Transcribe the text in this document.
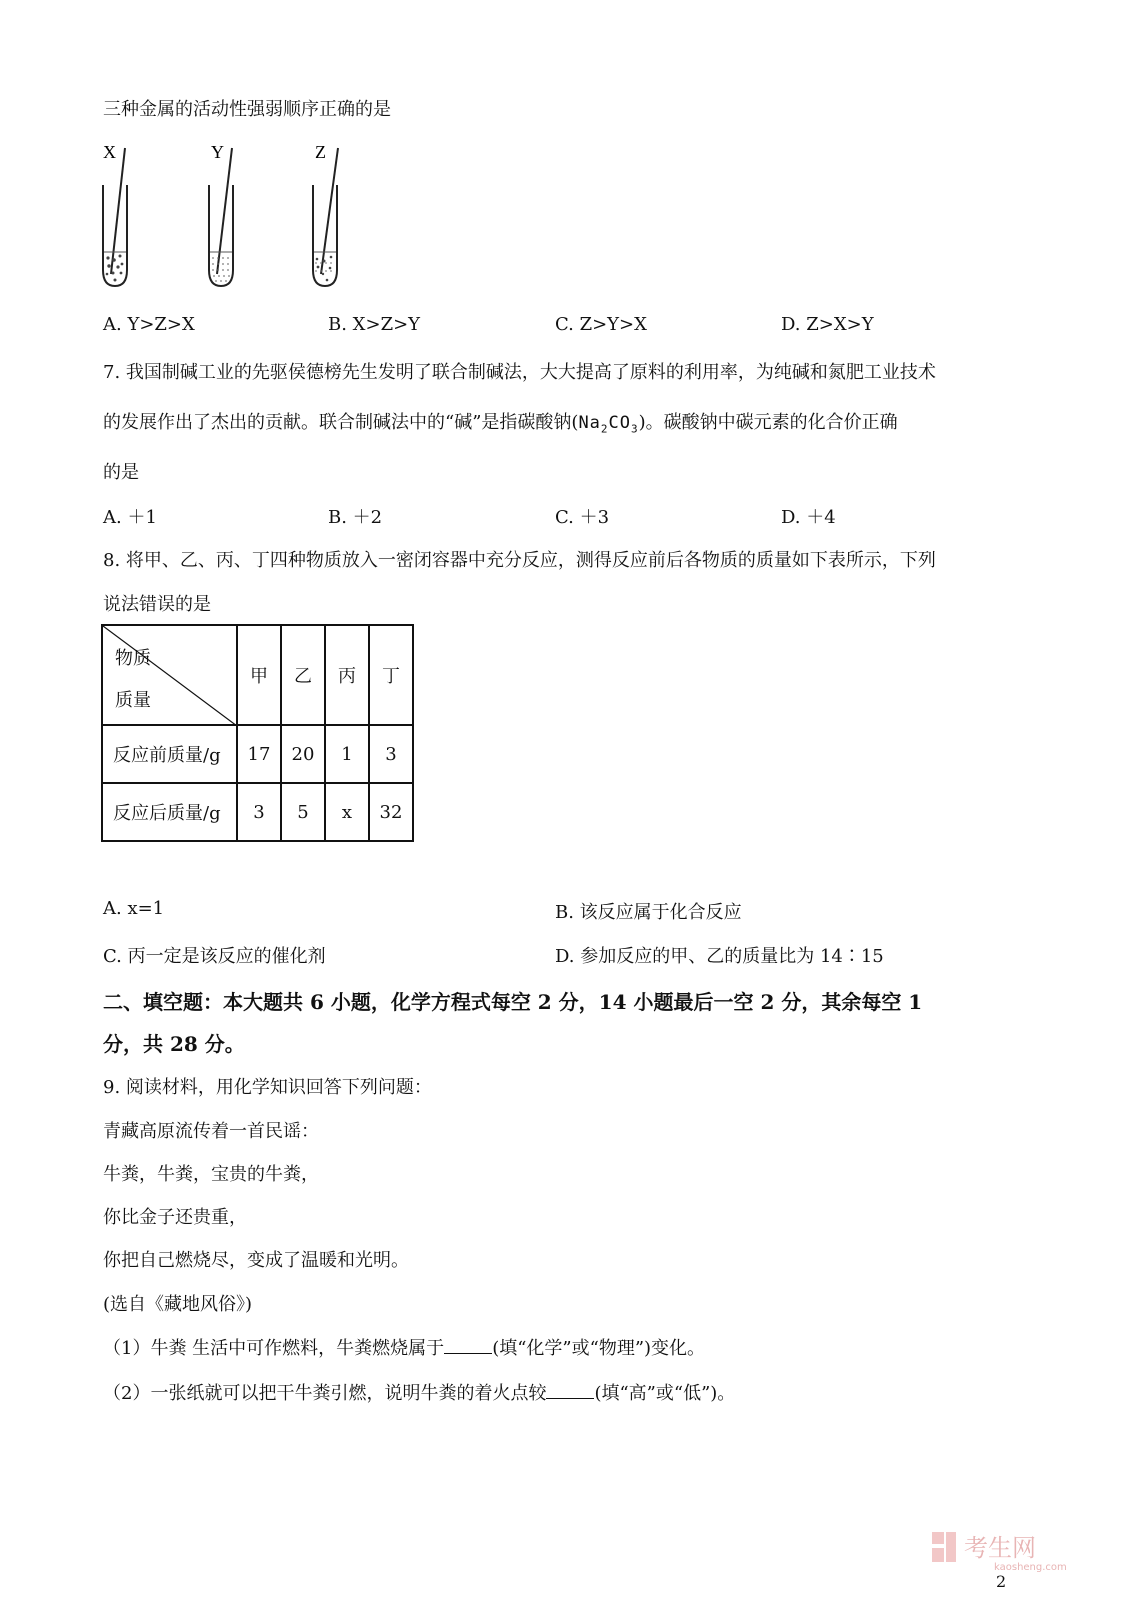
三种金属的活动性强弱顺序正确的是
X	Y	Z
A. Y>Z>X	B. X>Z>Y	C. Z>Y>X	D. Z>X>Y
7. 我国制碱工业的先驱侯德榜先生发明了联合制碱法，大大提高了原料的利用率，为纯碱和氮肥工业技术
的发展作出了杰出的贡献。联合制碱法中的“碱”是指碳酸钠$(Na_2CO_3)$。碳酸钠中碳元素的化合价正确
的是
A. ＋1	B. ＋2	C. ＋3	D. ＋4
8. 将甲、乙、丙、丁四种物质放入一密闭容器中充分反应，测得反应前后各物质的质量如下表所示，下列
说法错误的是
物质
质量	甲	乙	丙	丁
反应前质量/g	17	20	1	3
反应后质量/g	3	5	x	32
A. x=1	B. 该反应属于化合反应
C. 丙一定是该反应的催化剂	D. 参加反应的甲、乙的质量比为 14∶15
二、填空题：本大题共 6 小题，化学方程式每空 2 分，14 小题最后一空 2 分，其余每空 1
分，共 28 分。
9. 阅读材料，用化学知识回答下列问题：
青藏高原流传着一首民谣：
牛粪，牛粪，宝贵的牛粪，
你比金子还贵重，
你把自己燃烧尽，变成了温暖和光明。
(选自《藏地风俗》)
（1）牛粪 生活中可作燃料，牛粪燃烧属于	(填“化学”或“物理”)变化。
（2）一张纸就可以把干牛粪引燃，说明牛粪的着火点较	(填“高”或“低”)。
考生网
kaosheng.com
2
